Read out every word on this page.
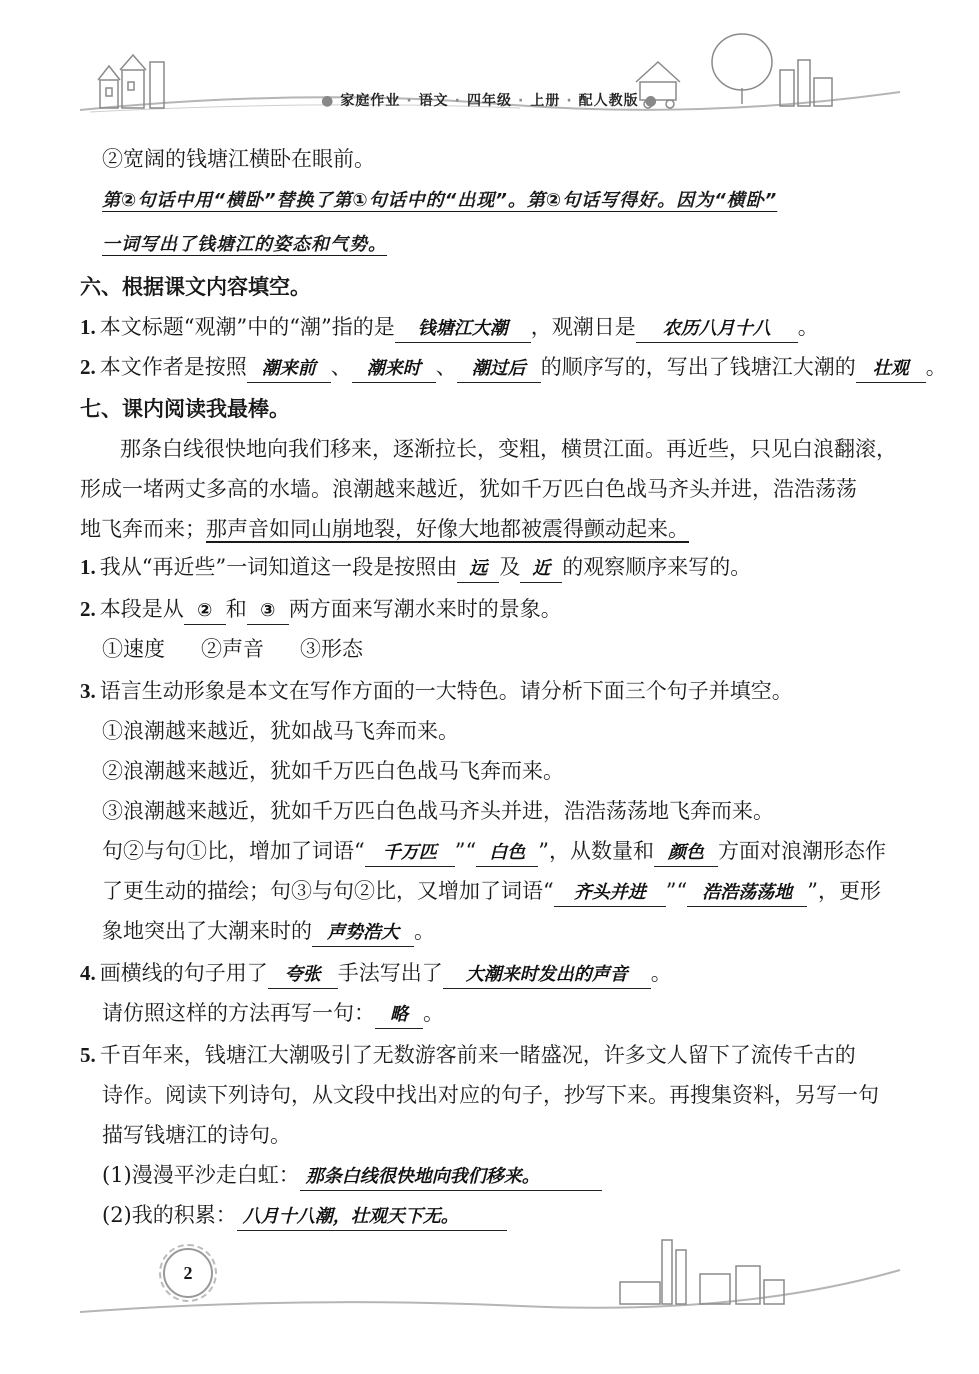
● 家庭作业 · 语文 · 四年级 · 上册 · 配人教版 ●
②宽阔的钱塘江横卧在眼前。
第②句话中用“横卧”替换了第①句话中的“出现”。第②句话写得好。因为“横卧”
一词写出了钱塘江的姿态和气势。
六、根据课文内容填空。
1. 本文标题“观潮”中的“潮”指的是 钱塘江大潮 ，观潮日是 农历八月十八 。
2. 本文作者是按照 潮来前 、 潮来时 、 潮过后 的顺序写的，写出了钱塘江大潮的 壮观 。
七、课内阅读我最棒。
那条白线很快地向我们移来，逐渐拉长，变粗，横贯江面。再近些，只见白浪翻滚，
形成一堵两丈多高的水墙。浪潮越来越近，犹如千万匹白色战马齐头并进，浩浩荡荡
地飞奔而来；那声音如同山崩地裂，好像大地都被震得颤动起来。
1. 我从“再近些”一词知道这一段是按照由 远 及 近 的观察顺序来写的。
2. 本段是从 ② 和 ③ 两方面来写潮水来时的景象。
①速度 ②声音 ③形态
3. 语言生动形象是本文在写作方面的一大特色。请分析下面三个句子并填空。
①浪潮越来越近，犹如战马飞奔而来。
②浪潮越来越近，犹如千万匹白色战马飞奔而来。
③浪潮越来越近，犹如千万匹白色战马齐头并进，浩浩荡荡地飞奔而来。
句②与句①比，增加了词语“ 千万匹 ”“ 白色 ”，从数量和 颜色 方面对浪潮形态作
了更生动的描绘；句③与句②比，又增加了词语“ 齐头并进 ”“ 浩浩荡荡地 ”，更形
象地突出了大潮来时的 声势浩大 。
4. 画横线的句子用了 夸张 手法写出了 大潮来时发出的声音 。
请仿照这样的方法再写一句： 略 。
5. 千百年来，钱塘江大潮吸引了无数游客前来一睹盛况，许多文人留下了流传千古的
诗作。阅读下列诗句，从文段中找出对应的句子，抄写下来。再搜集资料，另写一句
描写钱塘江的诗句。
(1)漫漫平沙走白虹： 那条白线很快地向我们移来。
(2)我的积累： 八月十八潮，壮观天下无。
2
